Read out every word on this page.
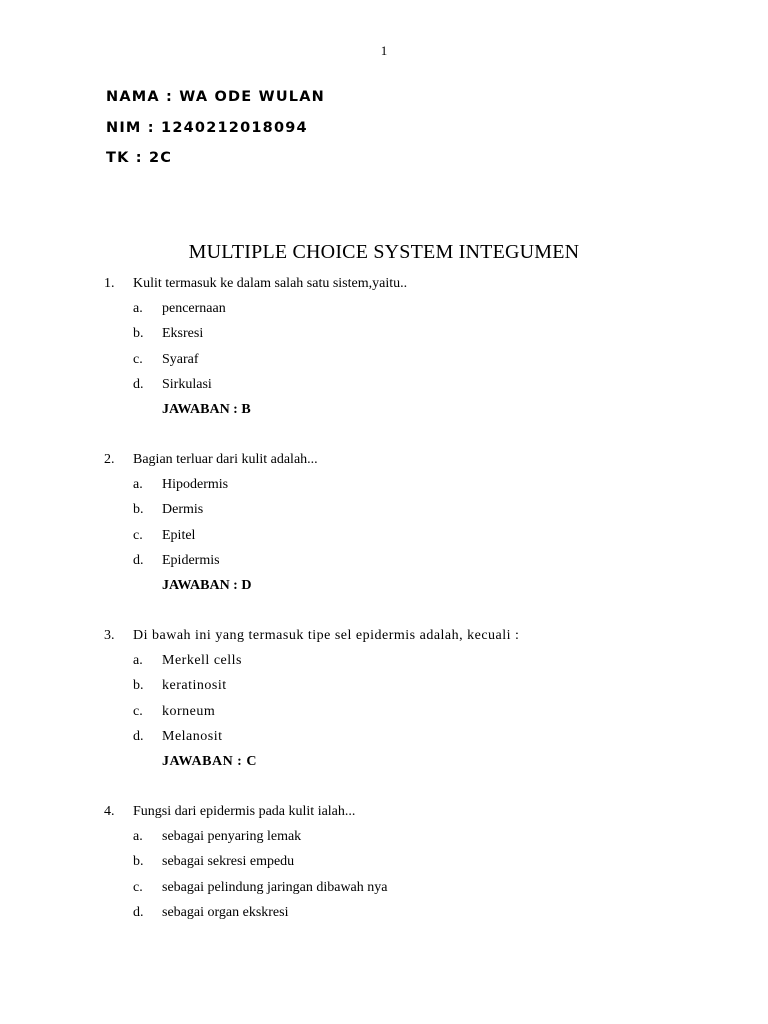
1
NAMA : WA ODE WULAN
NIM : 1240212018094
TK : 2C
MULTIPLE CHOICE SYSTEM INTEGUMEN
1. Kulit termasuk ke dalam salah satu sistem,yaitu..
a. pencernaan
b. Eksresi
c. Syaraf
d. Sirkulasi
JAWABAN : B
2. Bagian terluar dari kulit adalah...
a. Hipodermis
b. Dermis
c. Epitel
d. Epidermis
JAWABAN : D
3. Di bawah ini yang termasuk tipe sel epidermis adalah, kecuali :
a. Merkell cells
b. keratinosit
c. korneum
d. Melanosit
JAWABAN : C
4. Fungsi dari epidermis pada kulit ialah...
a. sebagai penyaring lemak
b. sebagai sekresi empedu
c. sebagai pelindung jaringan dibawah nya
d. sebagai organ ekskresi
